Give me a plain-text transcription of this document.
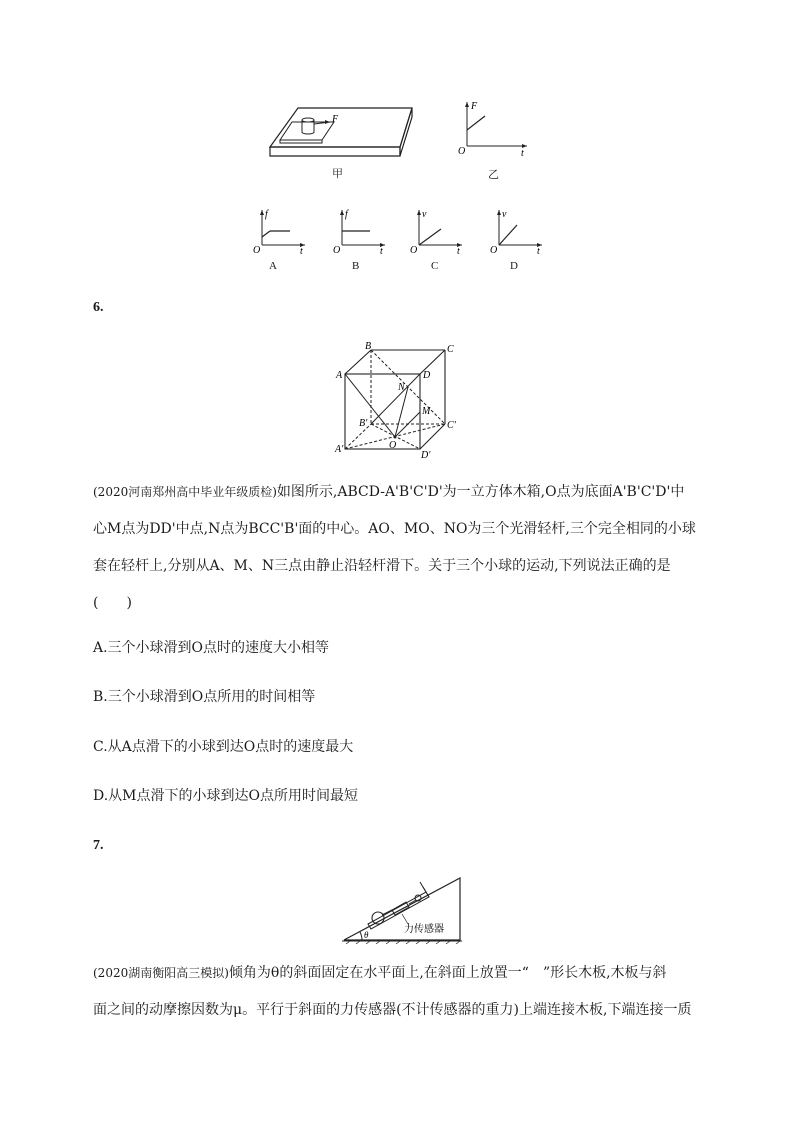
F
甲
F
O	t
乙
f
O	t
A
f
O	t
B
v
O	t
C
v
O	t
D
6.
B	C
A	D
N
M
B'	C'
O
A'
D'
(2020河南郑州高中毕业年级质检)如图所示,ABCD-A'B'C'D'为一立方体木箱,O点为底面A'B'C'D'中
心M点为DD'中点,N点为BCC'B'面的中心。AO、MO、NO为三个光滑轻杆,三个完全相同的小球
套在轻杆上,分别从A、M、N三点由静止沿轻杆滑下。关于三个小球的运动,下列说法正确的是
(　　)
A.三个小球滑到O点时的速度大小相等
B.三个小球滑到O点所用的时间相等
C.从A点滑下的小球到达O点时的速度最大
D.从M点滑下的小球到达O点所用时间最短
7.
θ	力传感器
(2020湖南衡阳高三模拟)倾角为θ的斜面固定在水平面上,在斜面上放置一“　”形长木板,木板与斜
面之间的动摩擦因数为μ。平行于斜面的力传感器(不计传感器的重力)上端连接木板,下端连接一质
